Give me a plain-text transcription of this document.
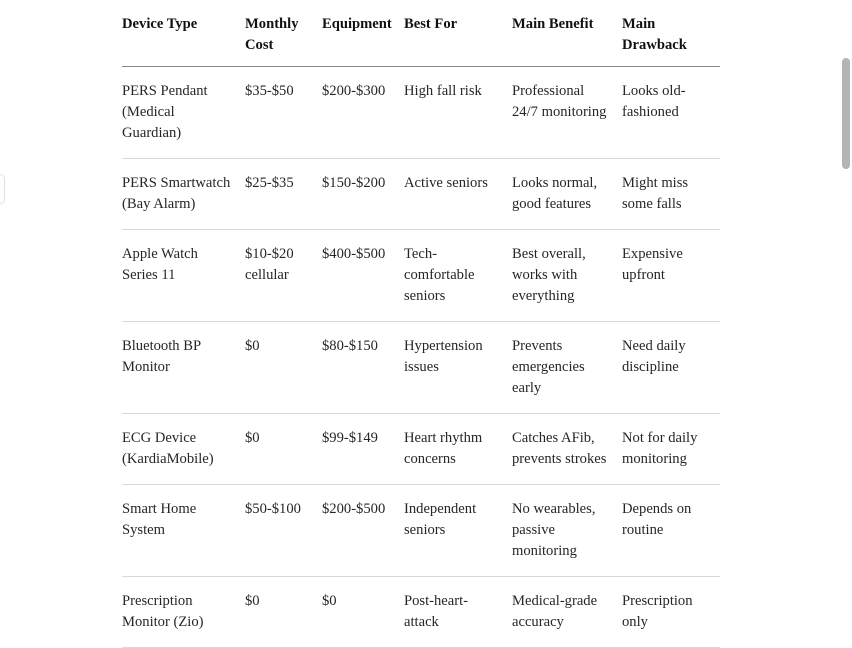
Device Type	Monthly Cost	Equipment	Best For	Main Benefit	Main Drawback
PERS Pendant (Medical Guardian)	$35-$50	$200-$300	High fall risk	Professional 24/7 monitoring	Looks old-fashioned
PERS Smartwatch (Bay Alarm)	$25-$35	$150-$200	Active seniors	Looks normal, good features	Might miss some falls
Apple Watch Series 11	$10-$20 cellular	$400-$500	Tech-comfortable seniors	Best overall, works with everything	Expensive upfront
Bluetooth BP Monitor	$0	$80-$150	Hypertension issues	Prevents emergencies early	Need daily discipline
ECG Device (KardiaMobile)	$0	$99-$149	Heart rhythm concerns	Catches AFib, prevents strokes	Not for daily monitoring
Smart Home System	$50-$100	$200-$500	Independent seniors	No wearables, passive monitoring	Depends on routine
Prescription Monitor (Zio)	$0	$0	Post-heart-attack	Medical-grade accuracy	Prescription only
